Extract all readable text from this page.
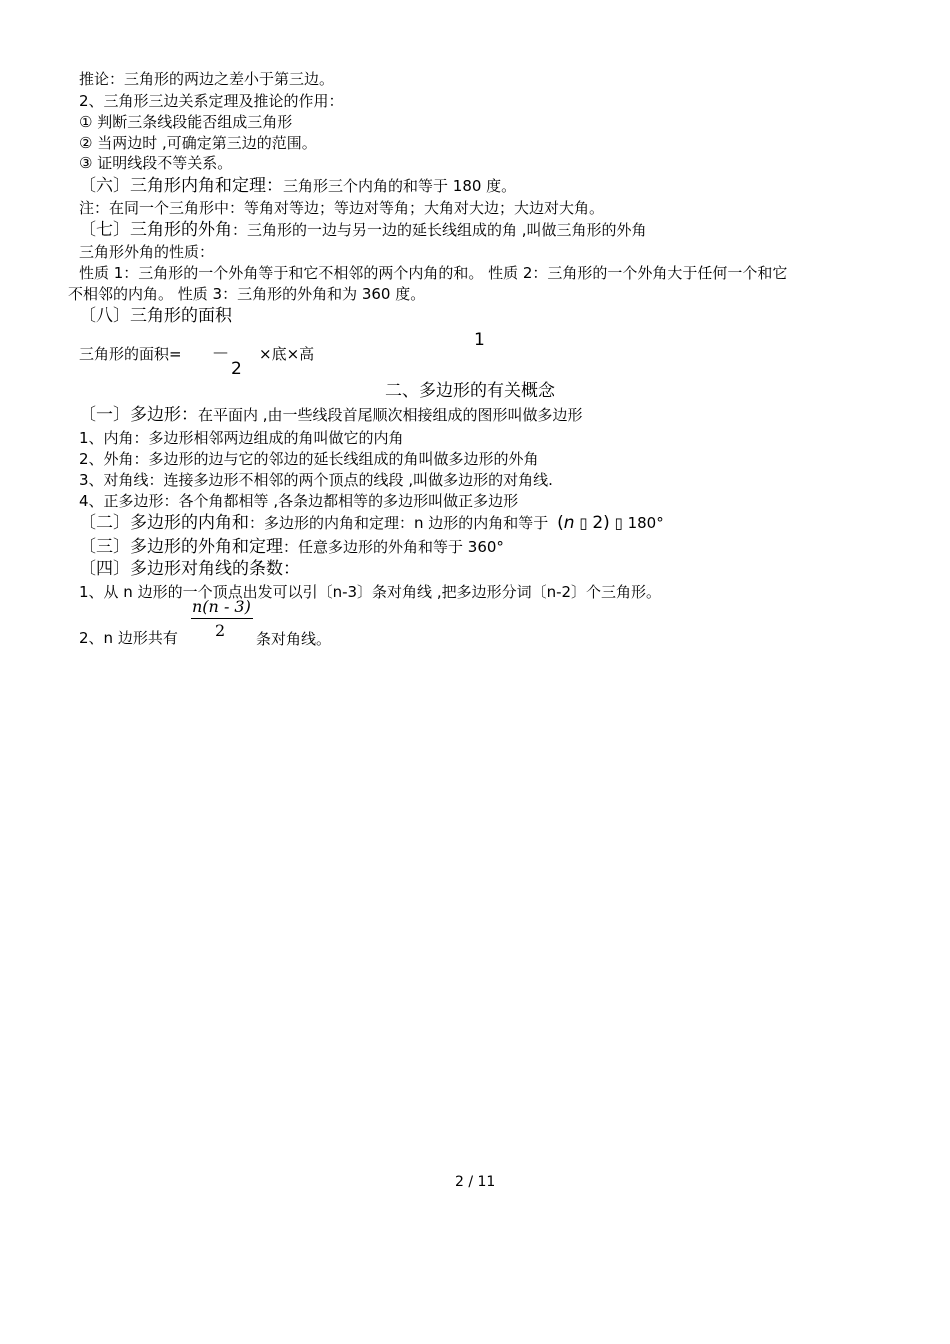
推论：三角形的两边之差小于第三边。
2、三角形三边关系定理及推论的作用：
① 判断三条线段能否组成三角形
② 当两边时 ,可确定第三边的范围。
③ 证明线段不等关系。
〔六〕三角形内角和定理：三角形三个内角的和等于 180 度。
注：在同一个三角形中：等角对等边；等边对等角；大角对大边；大边对大角。
〔七〕三角形的外角：三角形的一边与另一边的延长线组成的角 ,叫做三角形的外角
三角形外角的性质：
性质 1：三角形的一个外角等于和它不相邻的两个内角的和。 性质 2：三角形的一个外角大于任何一个和它
不相邻的内角。 性质 3：三角形的外角和为 360 度。
〔八〕三角形的面积
三角形的面积=
1
—
2
×底×高
二、多边形的有关概念
〔一〕多边形：在平面内 ,由一些线段首尾顺次相接组成的图形叫做多边形
1、内角：多边形相邻两边组成的角叫做它的内角
2、外角：多边形的边与它的邻边的延长线组成的角叫做多边形的外角
3、对角线：连接多边形不相邻的两个顶点的线段 ,叫做多边形的对角线.
4、正多边形：各个角都相等 ,各条边都相等的多边形叫做正多边形
〔二〕多边形的内角和：多边形的内角和定理：n 边形的内角和等于 (n ▯ 2) ▯ 180°
〔三〕多边形的外角和定理：任意多边形的外角和等于 360°
〔四〕多边形对角线的条数：
1、从 n 边形的一个顶点出发可以引〔n-3〕条对角线 ,把多边形分词〔n-2〕个三角形。
2、n 边形共有
n(n - 3)
2 条对角线。
2 / 11
